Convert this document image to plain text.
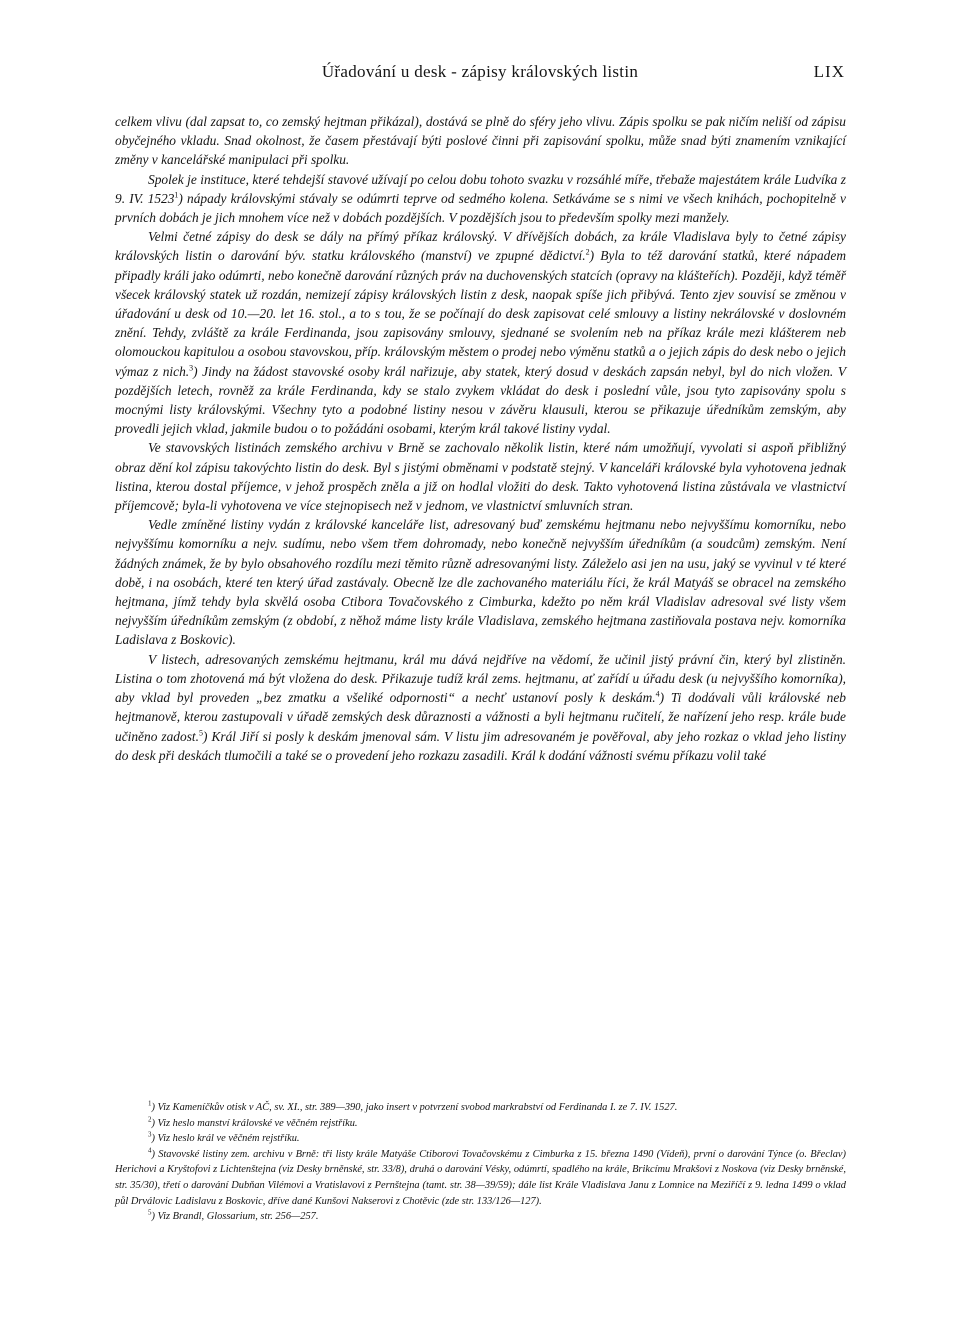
Úřadování u desk - zápisy královských listin	LIX

celkem vlivu (dal zapsat to, co zemský hejtman přikázal), dostává se plně do sféry jeho vlivu. Zápis spolku se pak ničím neliší od zápisu obyčejného vkladu. Snad okolnost, že časem přestávají býti poslové činni při zapisování spolku, může snad býti znamením vznikající změny v kancelářské manipulaci při spolku.

Spolek je instituce, které tehdejší stavové užívají po celou dobu tohoto svazku v rozsáhlé míře, třebaže majestátem krále Ludvíka z 9. IV. 1523$^1$) nápady královskými stávaly se odúmrti teprve od sedmého kolena. Setkáváme se s nimi ve všech knihách, pochopitelně v prvních dobách je jich mnohem více než v dobách pozdějších. V pozdějších jsou to především spolky mezi manžely.

Velmi četné zápisy do desk se dály na přímý příkaz královský. V dřívějších dobách, za krále Vladislava byly to četné zápisy královských listin o darování býv. statku královského (manství) ve zpupné dědictví.$^2$) Byla to též darování statků, které nápadem připadly králi jako odúmrti, nebo konečně darování různých práv na duchovenských statcích (opravy na klášteřích). Později, když téměř všecek královský statek už rozdán, nemizejí zápisy královských listin z desk, naopak spíše jich přibývá. Tento zjev souvisí se změnou v úřadování u desk od 10.—20. let 16. stol., a to s tou, že se počínají do desk zapisovat celé smlouvy a listiny nekrálovské v doslovném znění. Tehdy, zvláště za krále Ferdinanda, jsou zapisovány smlouvy, sjednané se svolením neb na příkaz krále mezi klášterem neb olomouckou kapitulou a osobou stavovskou, příp. královským městem o prodej nebo výměnu statků a o jejich zápis do desk nebo o jejich výmaz z nich.$^3$) Jindy na žádost stavovské osoby král nařizuje, aby statek, který dosud v deskách zapsán nebyl, byl do nich vložen. V pozdějších letech, rovněž za krále Ferdinanda, kdy se stalo zvykem vkládat do desk i poslední vůle, jsou tyto zapisovány spolu s mocnými listy královskými. Všechny tyto a podobné listiny nesou v závěru klausuli, kterou se přikazuje úředníkům zemským, aby provedli jejich vklad, jakmile budou o to požádáni osobami, kterým král takové listiny vydal.

Ve stavovských listinách zemského archivu v Brně se zachovalo několik listin, které nám umožňují, vyvolati si aspoň přibližný obraz dění kol zápisu takovýchto listin do desk. Byl s jistými obměnami v podstatě stejný. V kanceláři královské byla vyhotovena jednak listina, kterou dostal příjemce, v jehož prospěch zněla a již on hodlal vložiti do desk. Takto vyhotovená listina zůstávala ve vlastnictví příjemcově; byla-li vyhotovena ve více stejnopisech než v jednom, ve vlastnictví smluvních stran.

Vedle zmíněné listiny vydán z královské kanceláře list, adresovaný buď zemskému hejtmanu nebo nejvyššímu komorníku, nebo nejvyššímu komorníku a nejv. sudímu, nebo všem třem dohromady, nebo konečně nejvyšším úředníkům (a soudcům) zemským. Není žádných známek, že by bylo obsahového rozdílu mezi těmito různě adresovanými listy. Záleželo asi jen na usu, jaký se vyvinul v té které době, i na osobách, které ten který úřad zastávaly. Obecně lze dle zachovaného materiálu říci, že král Matyáš se obracel na zemského hejtmana, jímž tehdy byla skvělá osoba Ctibora Tovačovského z Cimburka, kdežto po něm král Vladislav adresoval své listy všem nejvyšším úředníkům zemským (z období, z něhož máme listy krále Vladislava, zemského hejtmana zastiňovala postava nejv. komorníka Ladislava z Boskovic).

V listech, adresovaných zemskému hejtmanu, král mu dává nejdříve na vědomí, že učinil jistý právní čin, který byl zlistiněn. Listina o tom zhotovená má být vložena do desk. Přikazuje tudíž král zems. hejtmanu, ať zařídí u úřadu desk (u nejvyššího komorníka), aby vklad byl proveden „bez zmatku a všeliké odpornosti“ a nechť ustanoví posly k deskám.$^4$) Ti dodávali vůli královské neb hejtmanově, kterou zastupovali v úřadě zemských desk důraznosti a vážnosti a byli hejtmanu ručitelí, že nařízení jeho resp. krále bude učiněno zadost.$^5$) Král Jiří si posly k deskám jmenoval sám. V listu jim adresovaném je pověřoval, aby jeho rozkaz o vklad jeho listiny do desk při deskách tlumočili a také se o provedení jeho rozkazu zasadili. Král k dodání vážnosti svému příkazu volil také

$^1$) Viz Kameníčkův otisk v AČ, sv. XI., str. 389—390, jako insert v potvrzení svobod markrabství od Ferdinanda I. ze 7. IV. 1527.

$^2$) Viz heslo manství královské ve věčném rejstříku.

$^3$) Viz heslo král ve věčném rejstříku.

$^4$) Stavovské listiny zem. archivu v Brně: tři listy krále Matyáše Ctiborovi Tovačovskému z Cimburka z 15. března 1490 (Vídeň), první o darování Týnce (o. Břeclav) Herichovi a Kryštofovi z Lichtenštejna (viz Desky brněnské, str. 33/8), druhá o darování Vésky, odúmrtí, spadlého na krále, Brikcímu Mrakšovi z Noskova (viz Desky brněnské, str. 35/30), třetí o darování Dubňan Vilémovi a Vratislavovi z Pernštejna (tamt. str. 38—39/59); dále list Krále Vladislava Janu z Lomnice na Meziříčí z 9. ledna 1499 o vklad půl Drválovic Ladislavu z Boskovic, dříve dané Kunšovi Nakserovi z Chotěvic (zde str. 133/126—127).

$^5$) Viz Brandl, Glossarium, str. 256—257.
